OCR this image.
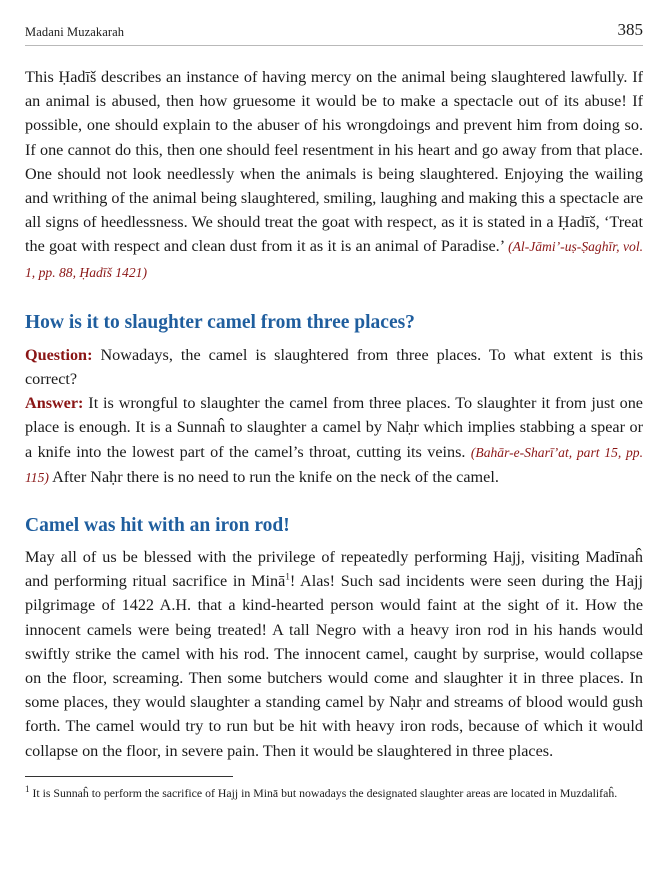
Madani Muzakarah	385

This Ḥadīš describes an instance of having mercy on the animal being slaughtered lawfully. If an animal is abused, then how gruesome it would be to make a spectacle out of its abuse! If possible, one should explain to the abuser of his wrongdoings and prevent him from doing so. If one cannot do this, then one should feel resentment in his heart and go away from that place. One should not look needlessly when the animals is being slaughtered. Enjoying the wailing and writhing of the animal being slaughtered, smiling, laughing and making this a spectacle are all signs of heedlessness. We should treat the goat with respect, as it is stated in a Ḥadīš, ‘Treat the goat with respect and clean dust from it as it is an animal of Paradise.’ (Al-Jāmi’-uṣ-Ṣaghīr, vol. 1, pp. 88, Ḥadīš 1421)

How is it to slaughter camel from three places?

Question: Nowadays, the camel is slaughtered from three places. To what extent is this correct?

Answer: It is wrongful to slaughter the camel from three places. To slaughter it from just one place is enough. It is a Sunnaĥ to slaughter a camel by Naḥr which implies stabbing a spear or a knife into the lowest part of the camel’s throat, cutting its veins. (Bahār-e-Sharī’at, part 15, pp. 115) After Naḥr there is no need to run the knife on the neck of the camel.

Camel was hit with an iron rod!

May all of us be blessed with the privilege of repeatedly performing Hajj, visiting Madīnaĥ and performing ritual sacrifice in Minā$^1$! Alas! Such sad incidents were seen during the Hajj pilgrimage of 1422 A.H. that a kind-hearted person would faint at the sight of it. How the innocent camels were being treated! A tall Negro with a heavy iron rod in his hands would swiftly strike the camel with his rod. The innocent camel, caught by surprise, would collapse on the floor, screaming. Then some butchers would come and slaughter it in three places. In some places, they would slaughter a standing camel by Naḥr and streams of blood would gush forth. The camel would try to run but be hit with heavy iron rods, because of which it would collapse on the floor, in severe pain. Then it would be slaughtered in three places.

$^1$ It is Sunnaĥ to perform the sacrifice of Hajj in Minā but nowadays the designated slaughter areas are located in Muzdalifaĥ.
